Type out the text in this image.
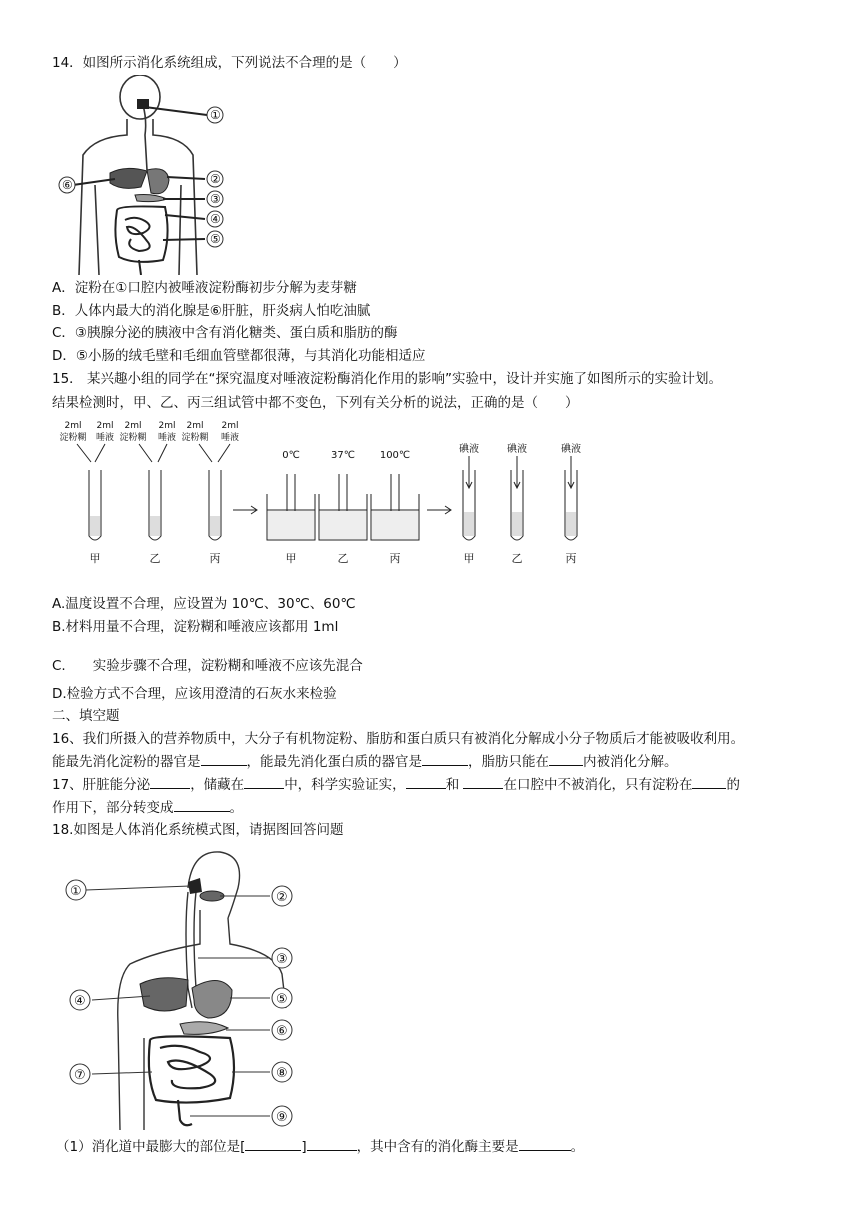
14．如图所示消化系统组成，下列说法不合理的是（　　）
①
②
③
④
⑤
⑥
A．淀粉在①口腔内被唾液淀粉酶初步分解为麦芽糖
B．人体内最大的消化腺是⑥肝脏，肝炎病人怕吃油腻
C．③胰腺分泌的胰液中含有消化糖类、蛋白质和脂肪的酶
D．⑤小肠的绒毛壁和毛细血管壁都很薄，与其消化功能相适应
15． 某兴趣小组的同学在“探究温度对唾液淀粉酶消化作用的影响”实验中，设计并实施了如图所示的实验计划。
结果检测时，甲、乙、丙三组试管中都不变色，下列有关分析的说法，正确的是（　　）
2ml 2ml
淀粉糊 唾液
2ml 2ml
淀粉糊 唾液
2ml 2ml
淀粉糊 唾液
0℃	37℃ 100℃
碘液	碘液	碘液
甲	乙	丙	甲	乙	丙	甲	乙	丙
A.温度设置不合理，应设置为 10℃、30℃、60℃
B.材料用量不合理，淀粉糊和唾液应该都用 1ml
C.　　实验步骤不合理，淀粉糊和唾液不应该先混合
D.检验方式不合理，应该用澄清的石灰水来检验
二、填空题
16、我们所摄入的营养物质中，大分子有机物淀粉、脂肪和蛋白质只有被消化分解成小分子物质后才能被吸收利用。
能最先消化淀粉的器官是	，能最先消化蛋白质的器官是	，脂肪只能在	内被消化分解。
17、肝脏能分泌	，储藏在	中，科学实验证实，	和	在口腔中不被消化，只有淀粉在	的
作用下，部分转变成	。
18.如图是人体消化系统模式图，请据图回答问题
①	②
③
④	⑤
⑥
⑦	⑧
⑨
（1）消化道中最膨大的部位是[	]	，其中含有的消化酶主要是	。
